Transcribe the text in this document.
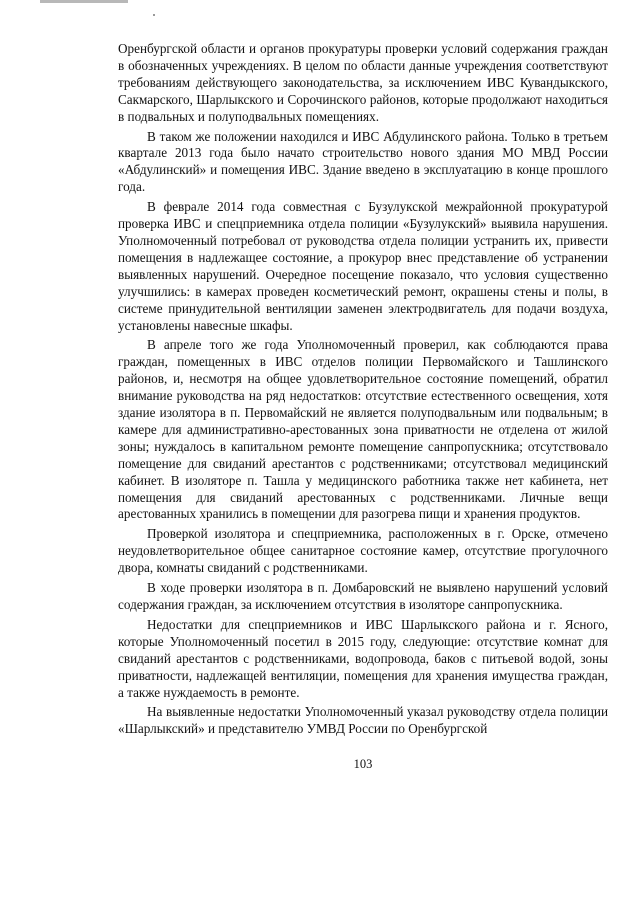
Оренбургской области и органов прокуратуры проверки условий содержания граждан в обозначенных учреждениях. В целом по области данные учреждения соответствуют требованиям действующего законодательства, за исключением ИВС Кувандыкского, Сакмарского, Шарлыкского и Сорочинского районов, которые продолжают находиться в подвальных и полуподвальных помещениях.

В таком же положении находился и ИВС Абдулинского района. Только в третьем квартале 2013 года было начато строительство нового здания МО МВД России «Абдулинский» и помещения ИВС. Здание введено в эксплуатацию в конце прошлого года.

В феврале 2014 года совместная с Бузулукской межрайонной прокуратурой проверка ИВС и спецприемника отдела полиции «Бузулукский» выявила нарушения. Уполномоченный потребовал от руководства отдела полиции устранить их, привести помещения в надлежащее состояние, а прокурор внес представление об устранении выявленных нарушений. Очередное посещение показало, что условия существенно улучшились: в камерах проведен косметический ремонт, окрашены стены и полы, в системе принудительной вентиляции заменен электродвигатель для подачи воздуха, установлены навесные шкафы.

В апреле того же года Уполномоченный проверил, как соблюдаются права граждан, помещенных в ИВС отделов полиции Первомайского и Ташлинского районов, и, несмотря на общее удовлетворительное состояние помещений, обратил внимание руководства на ряд недостатков: отсутствие естественного освещения, хотя здание изолятора в п. Первомайский не является полуподвальным или подвальным; в камере для административно-арестованных зона приватности не отделена от жилой зоны; нуждалось в капитальном ремонте помещение санпропускника; отсутствовало помещение для свиданий арестантов с родственниками; отсутствовал медицинский кабинет. В изоляторе п. Ташла у медицинского работника также нет кабинета, нет помещения для свиданий арестованных с родственниками. Личные вещи арестованных хранились в помещении для разогрева пищи и хранения продуктов.

Проверкой изолятора и спецприемника, расположенных в г. Орске, отмечено неудовлетворительное общее санитарное состояние камер, отсутствие прогулочного двора, комнаты свиданий с родственниками.

В ходе проверки изолятора в п. Домбаровский не выявлено нарушений условий содержания граждан, за исключением отсутствия в изоляторе санпропускника.

Недостатки для спецприемников и ИВС Шарлыкского района и г. Ясного, которые Уполномоченный посетил в 2015 году, следующие: отсутствие комнат для свиданий арестантов с родственниками, водопровода, баков с питьевой водой, зоны приватности, надлежащей вентиляции, помещения для хранения имущества граждан, а также нуждаемость в ремонте.

На выявленные недостатки Уполномоченный указал руководству отдела полиции «Шарлыкский» и представителю УМВД России по Оренбургской

103
